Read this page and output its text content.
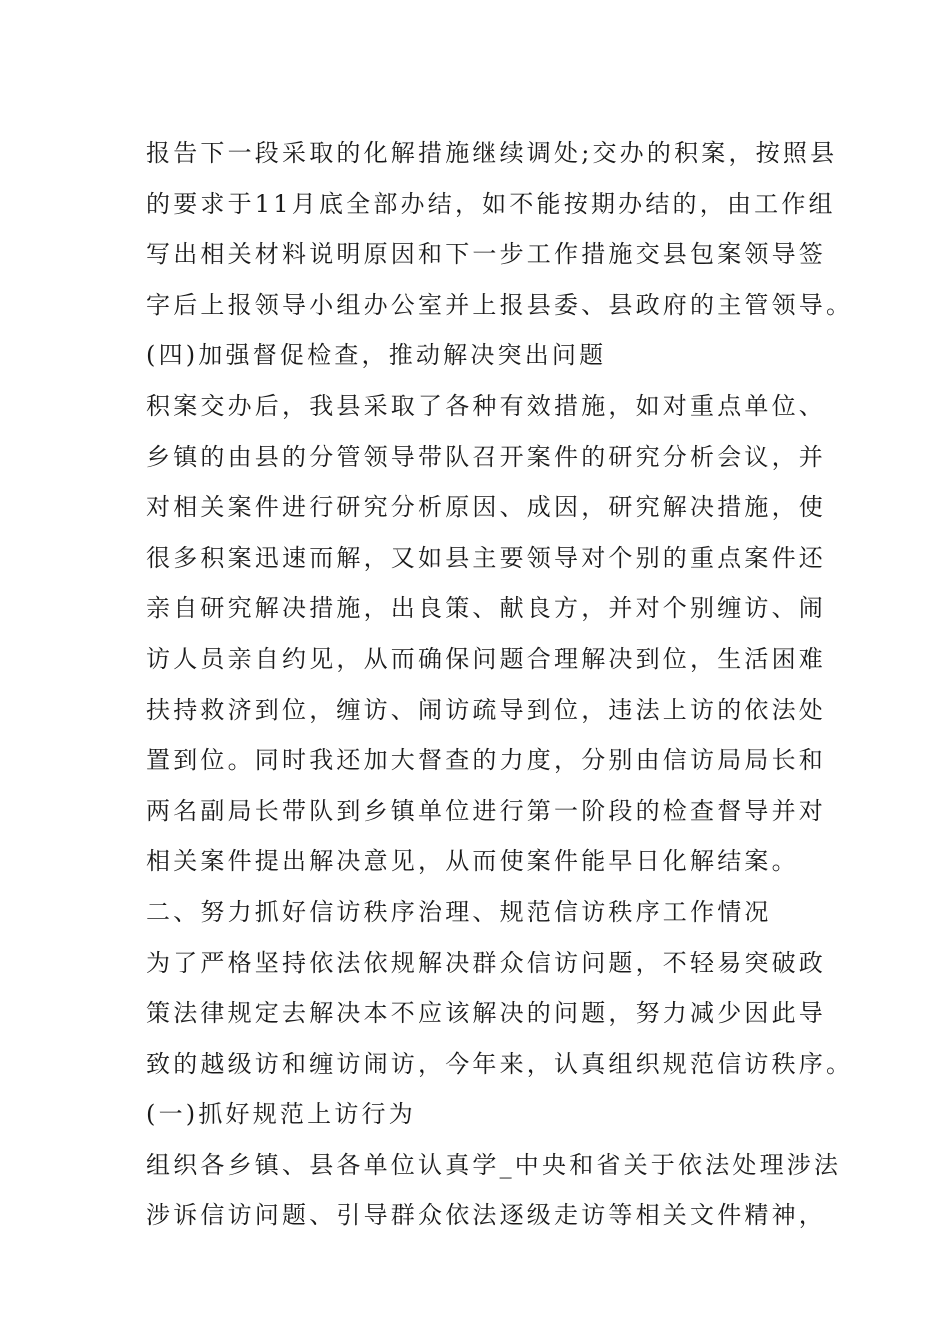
报告下一段采取的化解措施继续调处;交办的积案，按照县
的要求于11月底全部办结，如不能按期办结的，由工作组
写出相关材料说明原因和下一步工作措施交县包案领导签
字后上报领导小组办公室并上报县委、县政府的主管领导。
(四)加强督促检查，推动解决突出问题
积案交办后，我县采取了各种有效措施，如对重点单位、
乡镇的由县的分管领导带队召开案件的研究分析会议，并
对相关案件进行研究分析原因、成因，研究解决措施，使
很多积案迅速而解，又如县主要领导对个别的重点案件还
亲自研究解决措施，出良策、献良方，并对个别缠访、闹
访人员亲自约见，从而确保问题合理解决到位，生活困难
扶持救济到位，缠访、闹访疏导到位，违法上访的依法处
置到位。同时我还加大督查的力度，分别由信访局局长和
两名副局长带队到乡镇单位进行第一阶段的检查督导并对
相关案件提出解决意见，从而使案件能早日化解结案。
二、努力抓好信访秩序治理、规范信访秩序工作情况
为了严格坚持依法依规解决群众信访问题，不轻易突破政
策法律规定去解决本不应该解决的问题，努力减少因此导
致的越级访和缠访闹访，今年来，认真组织规范信访秩序。
(一)抓好规范上访行为
组织各乡镇、县各单位认真学_中央和省关于依法处理涉法
涉诉信访问题、引导群众依法逐级走访等相关文件精神，
